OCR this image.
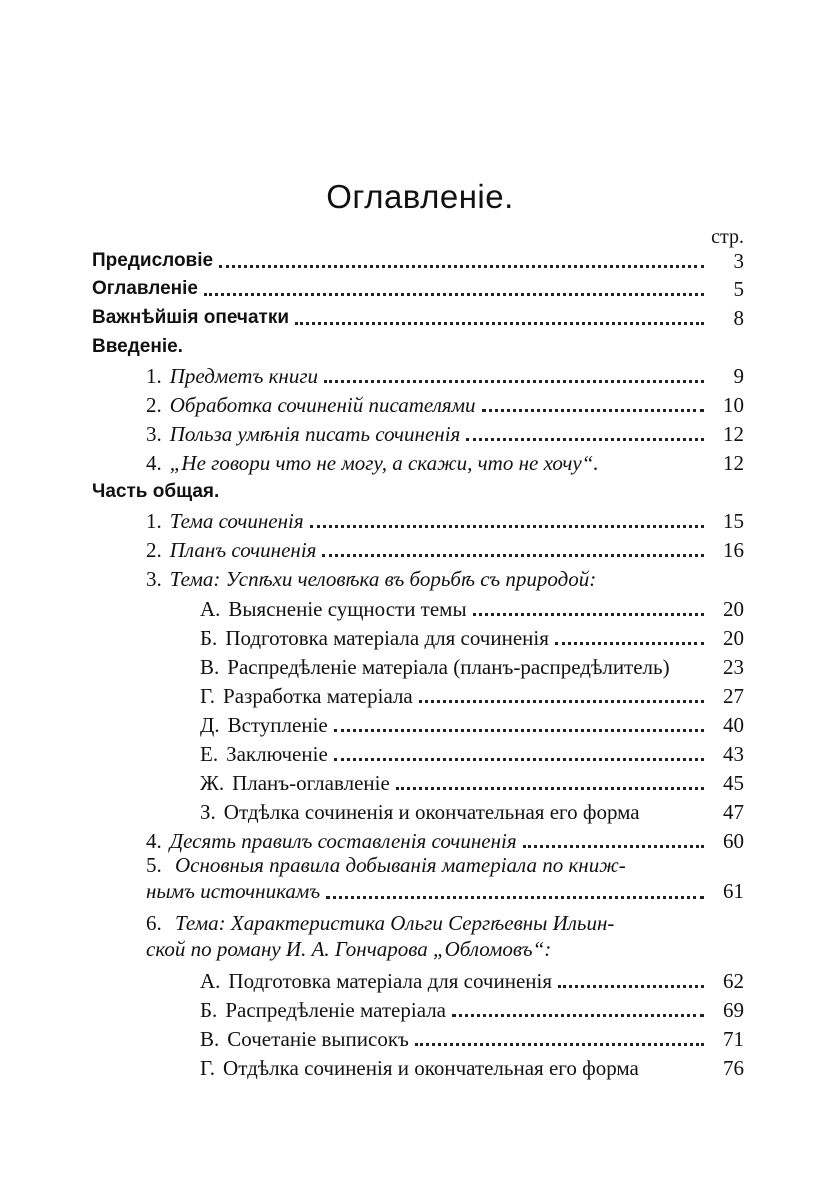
Оглавленіе.
стр.
Предисловіе	3
Оглавленіе	5
Важнѣйшія опечатки	8
Введеніе.
1. Предметъ книги	9
2. Обработка сочиненій писателями	10
3. Польза умѣнія писать сочиненія	12
4. „Не говори что не могу, а скажи, что не хочу“.	12
Часть общая.
1. Тема сочиненія	15
2. Планъ сочиненія	16
3. Тема : Успѣхи человѣка въ борьбѣ съ природой:
А. Выясненіе сущности темы	20
Б. Подготовка матеріала для сочиненія	20
В. Распредѣленіе матеріала (планъ-распредѣлитель)	23
Г. Разработка матеріала	27
Д. Вступленіе	40
Е. Заключеніе	43
Ж. Планъ-оглавленіе	45
З. Отдѣлка сочиненія и окончательная его форма	47
4. Десять правилъ составленія сочиненія	60
5. Основныя правила добыванія матеріала по книж-
нымъ источникамъ	61
6. Тема: Характеристика Ольги Сергѣевны Ильин-
ской по роману И. А. Гончарова „Обломовъ“:
А. Подготовка матеріала для сочиненія	62
Б. Распредѣленіе матеріала	69
В. Сочетаніе выписокъ	71
Г. Отдѣлка сочиненія и окончательная его форма	76
